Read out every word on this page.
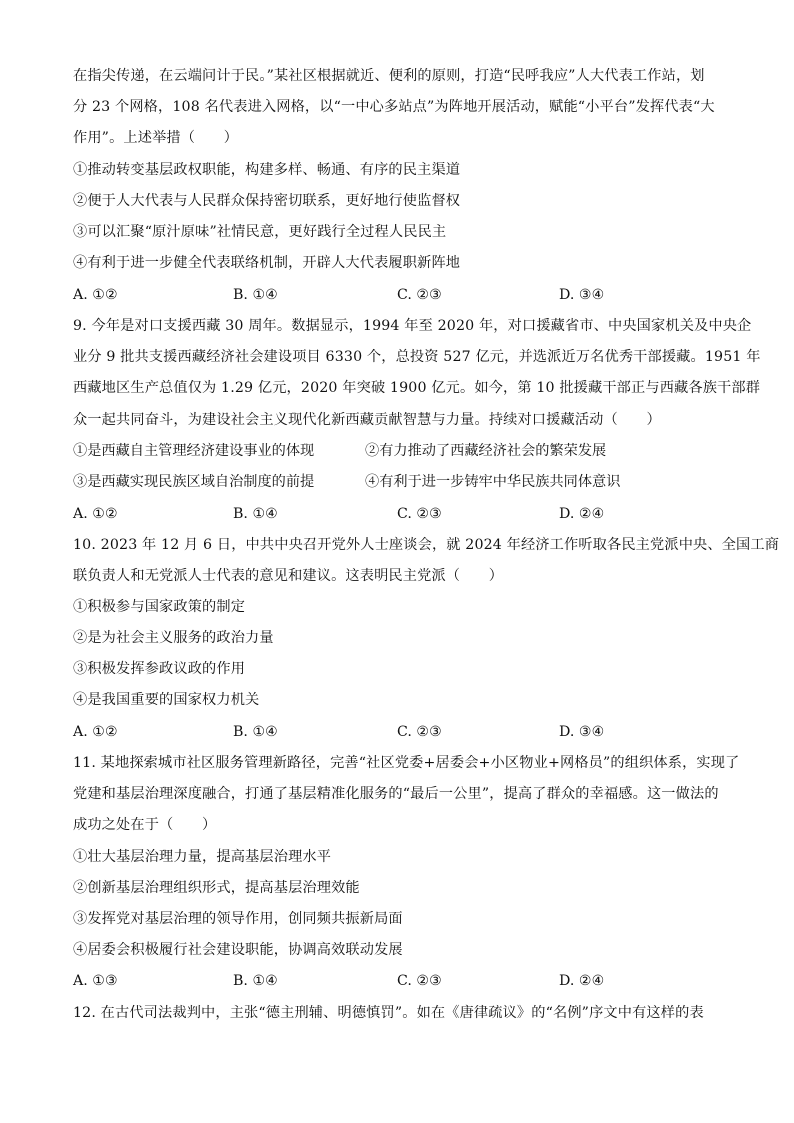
在指尖传递，在云端问计于民。”某社区根据就近、便利的原则，打造“民呼我应”人大代表工作站，划
分 23 个网格，108 名代表进入网格，以“一中心多站点”为阵地开展活动，赋能“小平台”发挥代表“大
作用”。上述举措（　　）
①推动转变基层政权职能，构建多样、畅通、有序的民主渠道
②便于人大代表与人民群众保持密切联系，更好地行使监督权
③可以汇聚“原汁原味”社情民意，更好践行全过程人民民主
④有利于进一步健全代表联络机制，开辟人大代表履职新阵地
A. ①②	B. ①④	C. ②③	D. ③④
9. 今年是对口支援西藏 30 周年。数据显示，1994 年至 2020 年，对口援藏省市、中央国家机关及中央企
业分 9 批共支援西藏经济社会建设项目 6330 个，总投资 527 亿元，并选派近万名优秀干部援藏。1951 年
西藏地区生产总值仅为 1.29 亿元，2020 年突破 1900 亿元。如今，第 10 批援藏干部正与西藏各族干部群
众一起共同奋斗，为建设社会主义现代化新西藏贡献智慧与力量。持续对口援藏活动（　　）
①是西藏自主管理经济建设事业的体现	②有力推动了西藏经济社会的繁荣发展
③是西藏实现民族区域自治制度的前提	④有利于进一步铸牢中华民族共同体意识
A. ①②	B. ①④	C. ②③	D. ②④
10. 2023 年 12 月 6 日，中共中央召开党外人士座谈会，就 2024 年经济工作听取各民主党派中央、全国工商
联负责人和无党派人士代表的意见和建议。这表明民主党派（　　）
①积极参与国家政策的制定
②是为社会主义服务的政治力量
③积极发挥参政议政的作用
④是我国重要的国家权力机关
A. ①②	B. ①④	C. ②③	D. ③④
11. 某地探索城市社区服务管理新路径，完善“社区党委+居委会+小区物业+网格员”的组织体系，实现了
党建和基层治理深度融合，打通了基层精准化服务的“最后一公里”，提高了群众的幸福感。这一做法的
成功之处在于（　　）
①壮大基层治理力量，提高基层治理水平
②创新基层治理组织形式，提高基层治理效能
③发挥党对基层治理的领导作用，创同频共振新局面
④居委会积极履行社会建设职能，协调高效联动发展
A. ①③	B. ①④	C. ②③	D. ②④
12. 在古代司法裁判中，主张“德主刑辅、明德慎罚”。如在《唐律疏议》的“名例”序文中有这样的表
